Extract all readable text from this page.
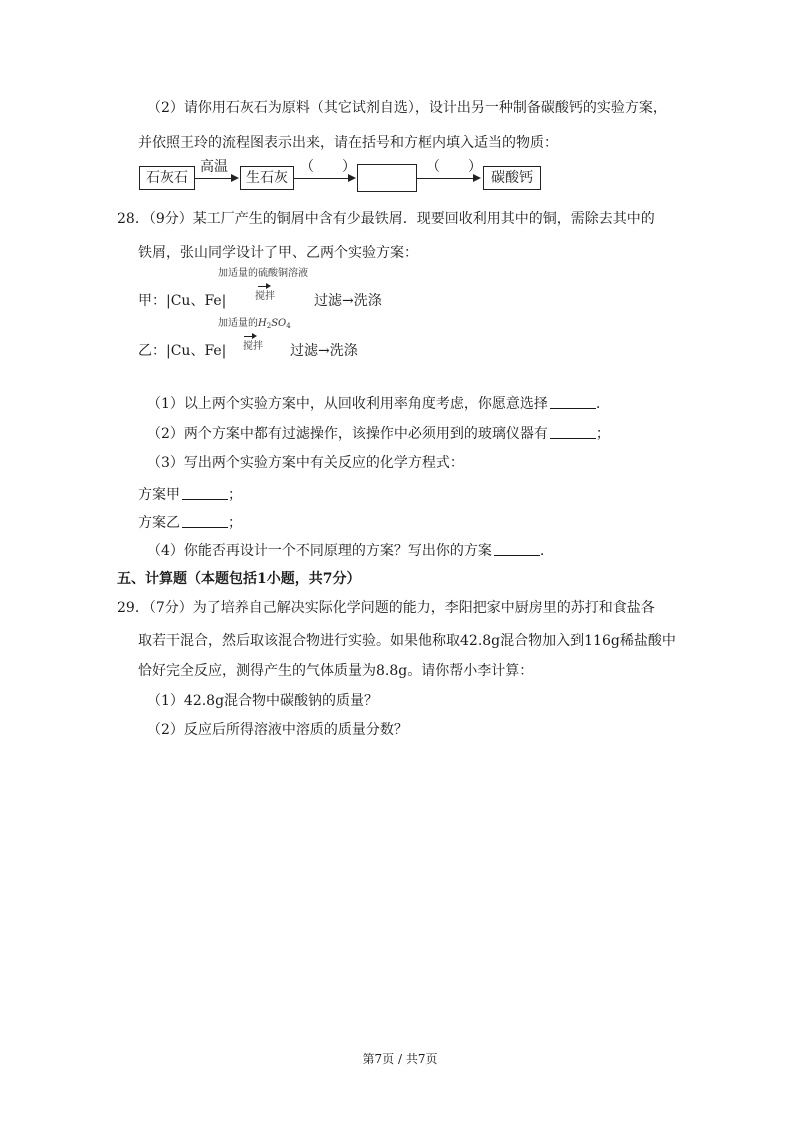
（2）请你用石灰石为原料（其它试剂自选），设计出另一种制备碳酸钙的实验方案，
并依照王玲的流程图表示出来，请在括号和方框内填入适当的物质：
石灰石
高温
生石灰
（　　）	（　　）
碳酸钙
28．（9分）某工厂产生的铜屑中含有少最铁屑．现要回收利用其中的铜，需除去其中的
铁屑，张山同学设计了甲、乙两个实验方案：
加适量的硫酸铜溶液
搅拌
甲：|Cu、Fe|	过滤→洗涤
加适量的$H_2SO_4$
搅拌
乙：|Cu、Fe|	过滤→洗涤
（1）以上两个实验方案中，从回收利用率角度考虑，你愿意选择	.
（2）两个方案中都有过滤操作，该操作中必须用到的玻璃仪器有	；
（3）写出两个实验方案中有关反应的化学方程式：
方案甲	；
方案乙	；
（4）你能否再设计一个不同原理的方案？写出你的方案	.
五、计算题（本题包括1小题，共7分）
29．（7分）为了培养自己解决实际化学问题的能力，李阳把家中厨房里的苏打和食盐各
取若干混合，然后取该混合物进行实验。如果他称取42.8g混合物加入到116g稀盐酸中
恰好完全反应，测得产生的气体质量为8.8g。请你帮小李计算：
（1）42.8g混合物中碳酸钠的质量？
（2）反应后所得溶液中溶质的质量分数？
第7页 / 共7页
